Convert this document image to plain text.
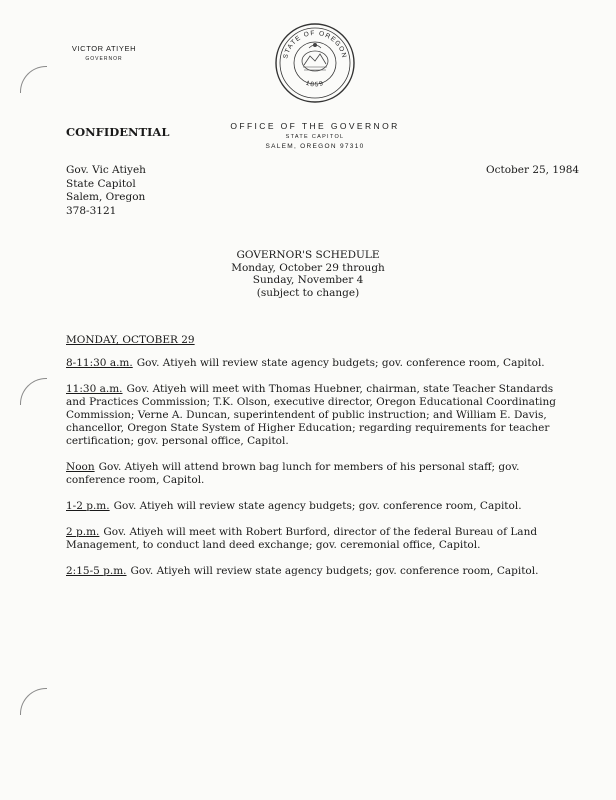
VICTOR ATIYEH
GOVERNOR	STATE OF OREGON
1859
CONFIDENTIAL	OFFICE OF THE GOVERNOR
STATE CAPITOL
SALEM, OREGON 97310
Gov. Vic Atiyeh
State Capitol
Salem, Oregon
378-3121
October 25, 1984
GOVERNOR'S SCHEDULE
Monday, October 29 through
Sunday, November 4
(subject to change)
MONDAY, OCTOBER 29

8-11:30 a.m. Gov. Atiyeh will review state agency budgets; gov. conference room, Capitol.

11:30 a.m. Gov. Atiyeh will meet with Thomas Huebner, chairman, state Teacher Standards and Practices Commission; T.K. Olson, executive director, Oregon Educational Coordinating Commission; Verne A. Duncan, superintendent of public instruction; and William E. Davis, chancellor, Oregon State System of Higher Education; regarding requirements for teacher certification; gov. personal office, Capitol.

Noon Gov. Atiyeh will attend brown bag lunch for members of his personal staff; gov. conference room, Capitol.

1-2 p.m. Gov. Atiyeh will review state agency budgets; gov. conference room, Capitol.

2 p.m. Gov. Atiyeh will meet with Robert Burford, director of the federal Bureau of Land Management, to conduct land deed exchange; gov. ceremonial office, Capitol.

2:15-5 p.m. Gov. Atiyeh will review state agency budgets; gov. conference room, Capitol.
